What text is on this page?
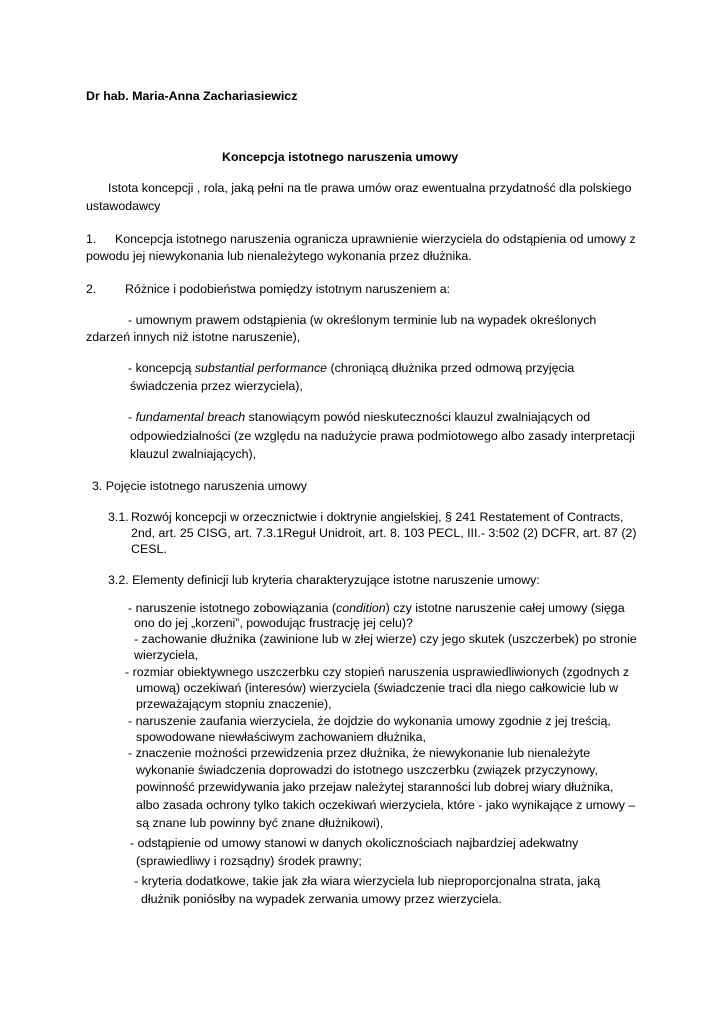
Dr hab. Maria-Anna Zachariasiewicz
Koncepcja istotnego naruszenia umowy
Istota koncepcji , rola, jaką pełni na tle prawa umów oraz ewentualna przydatność dla polskiego
ustawodawcy
1. Koncepcja istotnego naruszenia ogranicza uprawnienie wierzyciela do odstąpienia od umowy z
powodu jej niewykonania lub nienależytego wykonania przez dłużnika.
2. Różnice i podobieństwa pomiędzy istotnym naruszeniem a:
- umownym prawem odstąpienia (w określonym terminie lub na wypadek określonych
zdarzeń innych niż istotne naruszenie),
- koncepcją substantial performance (chroniącą dłużnika przed odmową przyjęcia
świadczenia przez wierzyciela),
- fundamental breach stanowiącym powód nieskuteczności klauzul zwalniających od
odpowiedzialności (ze względu na nadużycie prawa podmiotowego albo zasady interpretacji
klauzul zwalniających),
3. Pojęcie istotnego naruszenia umowy
3.1. Rozwój koncepcji w orzecznictwie i doktrynie angielskiej, § 241 Restatement of Contracts,
2nd, art. 25 CISG, art. 7.3.1Reguł Unidroit, art. 8. 103 PECL, III.- 3:502 (2) DCFR, art. 87 (2)
CESL.
3.2. Elementy definicji lub kryteria charakteryzujące istotne naruszenie umowy:
- naruszenie istotnego zobowiązania (condition) czy istotne naruszenie całej umowy (sięga
ono do jej „korzeni”, powodując frustrację jej celu)?
- zachowanie dłużnika (zawinione lub w złej wierze) czy jego skutek (uszczerbek) po stronie
wierzyciela,
- rozmiar obiektywnego uszczerbku czy stopień naruszenia usprawiedliwionych (zgodnych z
umową) oczekiwań (interesów) wierzyciela (świadczenie traci dla niego całkowicie lub w
przeważającym stopniu znaczenie),
- naruszenie zaufania wierzyciela, że dojdzie do wykonania umowy zgodnie z jej treścią,
spowodowane niewłaściwym zachowaniem dłużnika,
- znaczenie możności przewidzenia przez dłużnika, że niewykonanie lub nienależyte
wykonanie świadczenia doprowadzi do istotnego uszczerbku (związek przyczynowy,
powinność przewidywania jako przejaw należytej staranności lub dobrej wiary dłużnika,
albo zasada ochrony tylko takich oczekiwań wierzyciela, które - jako wynikające z umowy –
są znane lub powinny być znane dłużnikowi),
- odstąpienie od umowy stanowi w danych okolicznościach najbardziej adekwatny
(sprawiedliwy i rozsądny) środek prawny;
- kryteria dodatkowe, takie jak zła wiara wierzyciela lub nieproporcjonalna strata, jaką
dłużnik poniósłby na wypadek zerwania umowy przez wierzyciela.
